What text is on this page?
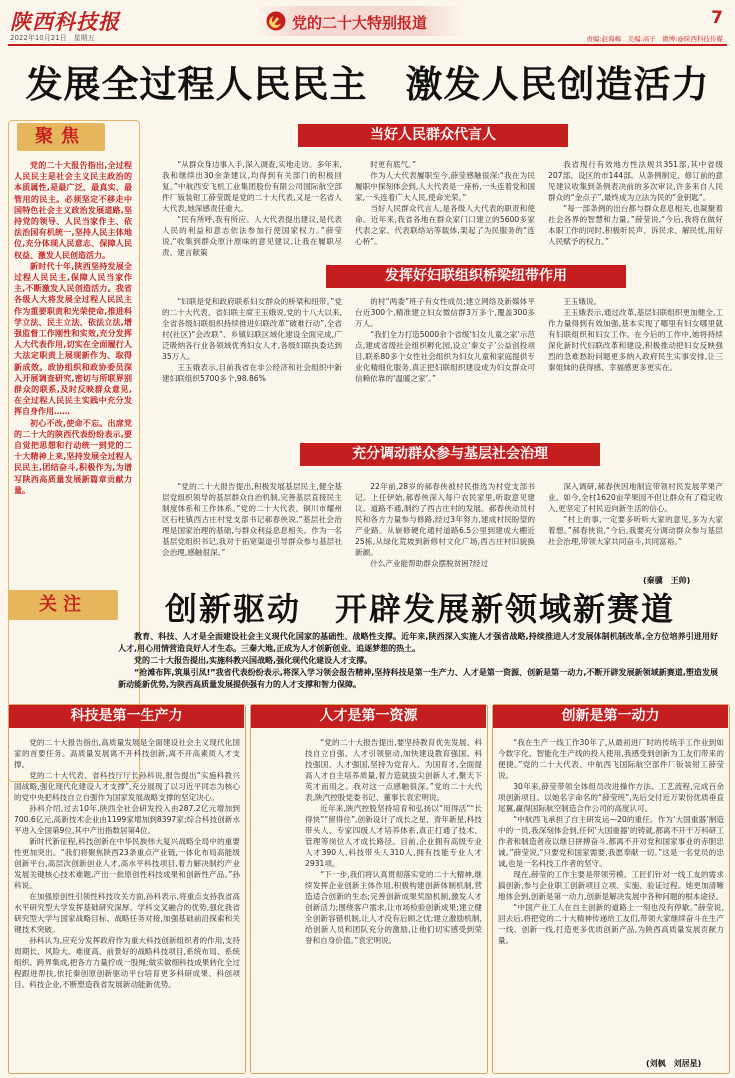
陕西科技报
2022年10月21日　星期五
党的二十大特别报道	7
责编:赵海梅　美编:高子　微博:@陕西科技传媒
发展全过程人民民主　激发人民创造活力
聚焦

党的二十大报告指出,全过程人民民主是社会主义民主政治的本质属性,是最广泛、最真实、最管用的民主。必须坚定不移走中国特色社会主义政治发展道路,坚持党的领导、人民当家作主、依法治国有机统一,坚持人民主体地位,充分体现人民意志、保障人民权益、激发人民创造活力。

新时代十年,陕西坚持发展全过程人民民主,保障人民当家作主,不断激发人民创造活力。我省各级人大将发展全过程人民民主作为重要职责和光荣使命,推进科学立法、民主立法、依法立法,增强监督工作刚性和实效,充分发挥人大代表作用,切实在全面履行人大法定职责上展现新作为、取得新成效。政协组织和政协委员深入开展调查研究,密切与所联界别群众的联系,及时反映群众意见,在全过程人民民主实践中充分发挥自身作用……

初心不改,使命不忘。出席党的二十大的陕西代表纷纷表示,要自觉把思想和行动统一到党的二十大精神上来,坚持发展全过程人民民主,团结奋斗,积极作为,为谱写陕西高质量发展新篇章贡献力量。

当好人民群众代言人

“从群众身边事入手,深入调查,实地走访。多年来,我和继续出30余条建议,均得到有关部门的积极回复。”中航西安飞机工业集团股份有限公司国际航空部件厂钣装钳工薛莹既是党的二十大代表,又是一名省人大代表,她深感责任重大。

“民有所呼,我有所应。人大代表提出建议,是代表人民的利益和意志依法参加行使国家权力。”薛莹说,“收集到群众原汁原味的意见建议,让我在履职尽责、建言献策

时更有底气。”

作为人大代表履职至今,薛莹感触很深:“我在为民履职中探刻体会到,人大代表是一座桥,一头连着党和国家,一头连着广大人民,使命光荣。”

当好人民群众代言人,是各级人大代表的职责和使命。近年来,我省各地在群众家门口建立的5600多家代表之家、代表联络站等载体,架起了为民服务的“连心桥”。

我省现行有效地方性法规共351部,其中省级207部、设区的市144部。从条例制定、修订前的意见建议收集到条例表决前的多次审议,许多来自人民群众的“金点子”,最终成为立法为民的“金钥匙”。

“每一部条例的出台都与群众息息相关,也凝聚着社会各界的智慧和力量。”薛莹说,“今后,我将在做好本职工作的同时,积极听民声、诉民求、解民忧,用好人民赋予的权力。”

发挥好妇联组织桥梁纽带作用

“妇联是党和政府联系妇女群众的桥梁和纽带。”党的二十大代表、省妇联主席王玉娥说,党的十八大以来,全省各级妇联组织持续推进妇联改革“破难行动”,全省村(社区)“会改联”、乡镇妇联区域化建设全面完成,广泛吸纳各行业各领域优秀妇女人才,各级妇联执委达到35万人。

王玉娥表示,目前我省在非公经济和社会组织中新建妇联组织5700多个,98.86%

的村“两委”班子有女性成员;建立网络及新媒体平台近300个,精准建立妇女微信群3万多个,覆盖300多万人。

“我们全力打造5000余个省级‘妇女儿童之家’示范点,建成省级社会组织孵化园,设立‘秦女子’公益创投项目,联系80多个女性社会组织为妇女儿童和家庭提供专业化精细化服务,真正把妇联组织建设成为妇女群众可信赖依靠的‘温暖之家’。”

王玉娥说。

王玉娥表示,通过改革,基层妇联组织更加健全,工作力量得到有效加强,基本实现了哪里有妇女哪里就有妇联组织和妇女工作。在今后的工作中,她将持续深化新时代妇联改革和建设,积极推动把妇女反映强烈的急难愁盼问题更多纳入政府民生实事安排,让三秦姐妹的获得感、幸福感更多更实在。

充分调动群众参与基层社会治理

“党的二十大报告提出,积极发展基层民主,健全基层党组织领导的基层群众自治机制,完善基层直接民主制度体系和工作体系。”党的二十大代表、铜川市耀州区石柱镇西古庄村党支部书记郝春侠说,“基层社会治理是国家治理的基础,与群众利益息息相关。作为一名基层党组织书记,我对于拓宽渠道引导群众参与基层社会治理,感触很深。”

22年前,28岁的郝春侠被村民推选为村党支部书记。上任伊始,郝春侠深入每户农民家里,听取意见建议。道路不通,制约了西古庄村的发展。郝春侠动员村民和各方力量参与修路,经过3年努力,建成村民盼望的产业路。从崭修硬化通村道路6.5公里到建成大棚近25栋,从绿化荒坡到新修村文化广场,西古庄村旧貌换新颜。

什么产业能帮助群众摆脱贫困?经过

深入调研,郝春侠因地制宜带领村民发展苹果产业。如今,全村1620亩苹果园不但让群众有了稳定收入,更坚定了村民迈向新生活的信心。

“村上的事,一定要多听听大家的意见,多为大家着想。”郝春侠说,“今后,我要充分调动群众参与基层社会治理,带领大家共同奋斗,共同富裕。”

(秦骥　王帅)
关注	创新驱动　开辟发展新领域新赛道

教育、科技、人才是全面建设社会主义现代化国家的基础性、战略性支撑。近年来,陕西深入实施人才强省战略,持续推进人才发展体制机制改革,全方位培养引进用好人才,用心用情营造良好人才生态。三秦大地,正成为人才创新创业、追逐梦想的热土。

党的二十大报告提出,实施科教兴国战略,强化现代化建设人才支撑。

“抢滩布阵,筑巢引凤!”我省代表纷纷表示,将深入学习领会报告精神,坚持科技是第一生产力、人才是第一资源、创新是第一动力,不断开辟发展新领域新赛道,塑造发展新动能新优势,为陕西高质量发展提供强有力的人才支撑和智力保障。

科技是第一生产力

党的二十大报告指出,高质量发展是全面建设社会主义现代化国家的首要任务。高质量发展离不开科技创新,离不开高素质人才支撑。

党的二十大代表、省科技厅厅长孙科说,报告提出“实施科教兴国战略,强化现代化建设人才支撑”,充分展现了以习近平同志为核心的党中央把科技自立自强作为国家发展战略支撑的坚定决心。

孙科介绍,过去10年,陕西全社会研发投入由287.2亿元增加到700.6亿元,高新技术企业由1199家增加到8397家;综合科技创新水平进入全国第9位,其中产出指数居第4位。

新时代新征程,科技创新在中华民族伟大复兴战略全局中的重要性更加突出。“我们将聚焦陕西23条重点产业链,一体化布局高能级创新平台,高层次创新创业人才,高水平科技项目,着力解决制约产业发展关键核心技术难题,产出一批原创性科技成果和创新性产品。”孙科说。

在加强原创性引领性科技攻关方面,孙科表示,将重点支持我省高水平研究型大学发挥基础研究深厚、学科交叉融合的优势,强化我省研究型大学与国家战略目标、战略任务对接,加强基础前沿探索和关键技术突破。

孙科认为,应充分发挥政府作为重大科技创新组织者的作用,支持周期长、风险大、难度高、前景好的战略科技项目,系统布局、系统组织、跨界集成,把各方力量拧成一股绳;做实做细科技成果转化全过程跟进帮扶,依托秦创原创新驱动平台培育更多科研成果、科创项目、科技企业,不断塑造我省发展新动能新优势。

人才是第一资源

“党的二十大报告提出,要坚持教育优先发展、科技自立自强、人才引领驱动,加快建设教育强国、科技强国、人才强国,坚持为党育人、为国育才,全面提高人才自主培养质量,着力造就拔尖创新人才,聚天下英才而用之。我对这一点感触很深。”党的二十大代表,陕汽控股党委书记、董事长袁宏明说。

近年来,陕汽控股坚持培育和弘扬以“用得活”“长得快”“留得住”,创新设计了成长之星、青年新星,科技带头人、专家四级人才培养体系,真正打通了技术、管理等岗位人才成长路径。目前,企业拥有高级专业人才390人,科技带头人310人,拥有技能专业人才2931项。

“下一步,我们将认真贯彻落实党的二十大精神,继续发挥企业创新主体作用,积极构建创新体制机制,营造适合创新的生态;完善创新成果奖励机制,激发人才创新活力;围绕客户需求,让市场检验创新成果;建立健全创新容错机制,让人才没有后顾之忧;建立激励机制,给创新人员和团队充分的激励,让他们切实感受到荣誉和自身价值。”袁宏明说。

创新是第一动力

“我在生产一线工作30年了,从最初进厂时的传统手工作业到如今数字化、智能化生产线的投入使用,我感受到创新为工友们带来的便捷。”党的二十大代表、中航西飞国际航空部件厂钣装钳工薛莹说。

30年来,薛莹带领全体组员改进操作方法、工艺流程,完成百余项创新项目。以她名字命名的“薛莹班”,先后交付近万架份优质垂直尾翼,赢得国际航空制造合作公司的高度认可。

“中航西飞承担了自主研发运—20的重任。作为‘大国重器’制造中的一员,我深刻体会到,任何‘大国重器’的铸就,都离不开干万科研工作者和制造者夜以继日拼搏奋斗,都离不开对党和国家事业的赤胆忠诚。”薛莹说,“只要党和国家需要,我愿奉献一切。”这是一名党员的忠诚,也是一名科技工作者的坚守。

现在,薛莹的工作主要是带领劳模、工匠们针对一线工友的需求搞创新,参与企业职工创新项目立项、实施、验证过程。她更加清晰地体会到,创新是第一动力,创新是解决发展中各种问题的根本途径。

“中国产业工人在自主创新的道路上一刻也没有停歇。”薛莹说,回去后,将把党的二十大精神传递给工友们,带领大家继续奋斗在生产一线、创新一线,打造更多优质创新产品,为陕西高质量发展贡献力量。

(刘枫　刘居星)
